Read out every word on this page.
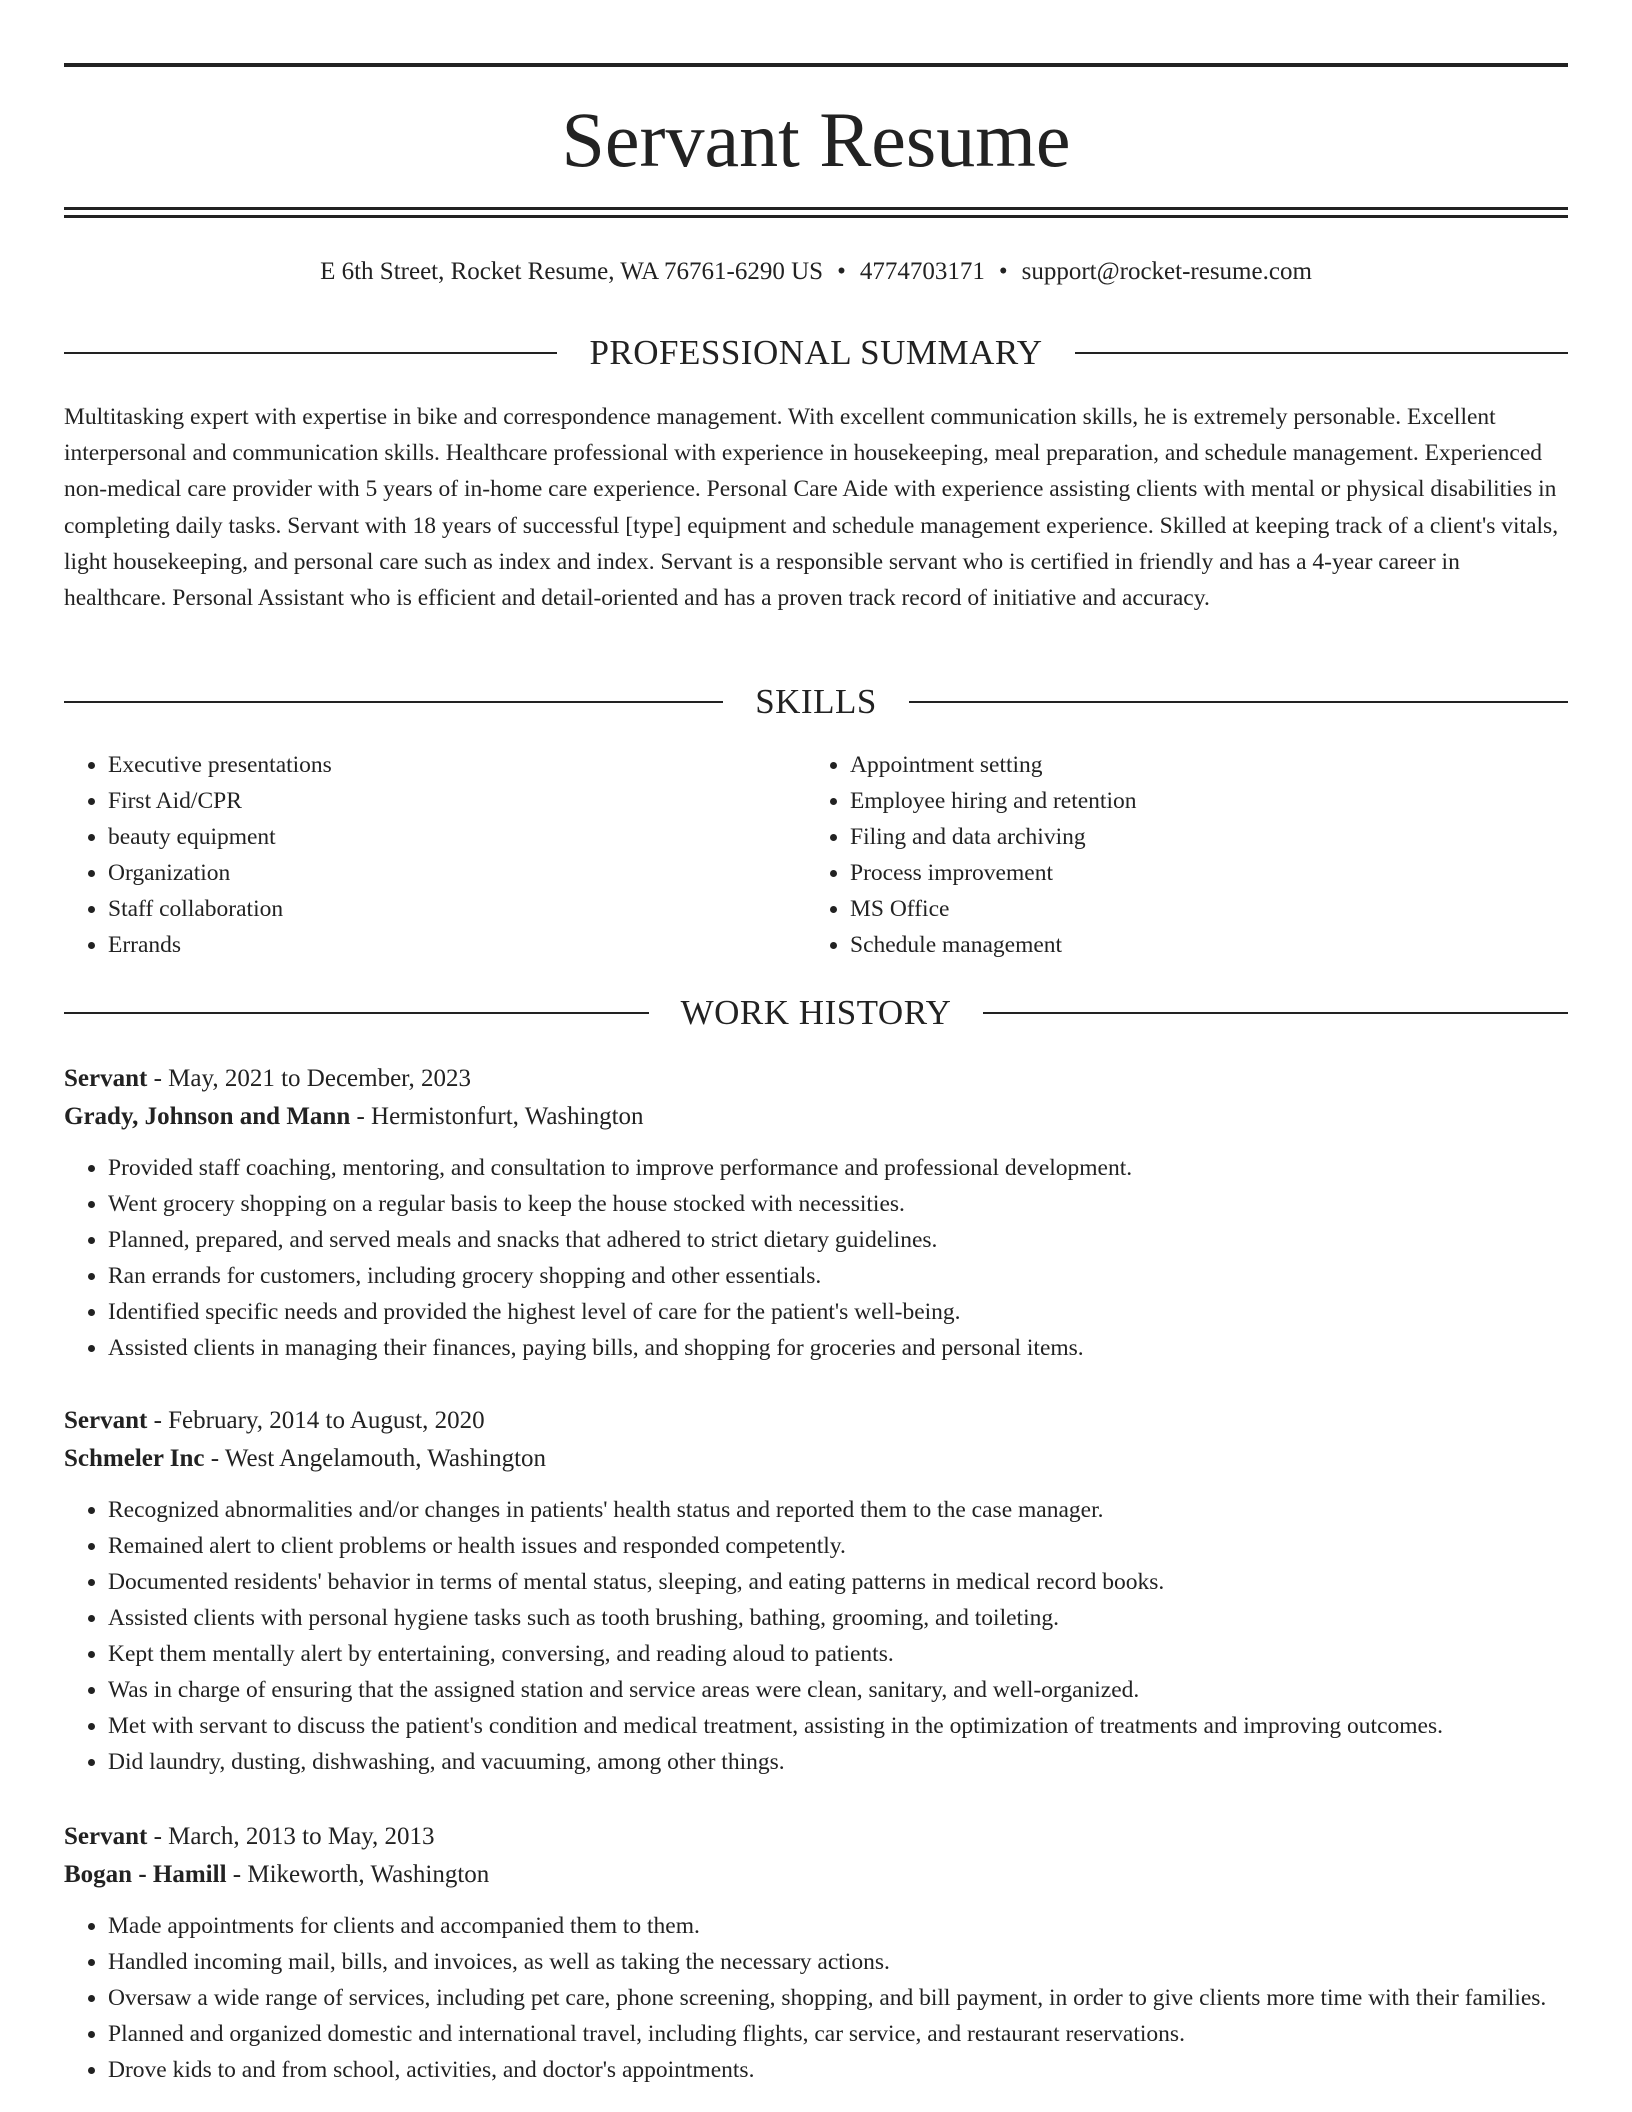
Servant Resume
E 6th Street, Rocket Resume, WA 76761-6290 US • 4774703171 • support@rocket-resume.com
PROFESSIONAL SUMMARY

Multitasking expert with expertise in bike and correspondence management. With excellent communication skills, he is extremely personable. Excellent interpersonal and communication skills. Healthcare professional with experience in housekeeping, meal preparation, and schedule management. Experienced non-medical care provider with 5 years of in-home care experience. Personal Care Aide with experience assisting clients with mental or physical disabilities in completing daily tasks. Servant with 18 years of successful [type] equipment and schedule management experience. Skilled at keeping track of a client's vitals, light housekeeping, and personal care such as index and index. Servant is a responsible servant who is certified in friendly and has a 4-year career in healthcare. Personal Assistant who is efficient and detail-oriented and has a proven track record of initiative and accuracy.

SKILLS
• Executive presentations
• First Aid/CPR
• beauty equipment
• Organization
• Staff collaboration
• Errands
• Appointment setting
• Employee hiring and retention
• Filing and data archiving
• Process improvement
• MS Office
• Schedule management
WORK HISTORY
Servant - May, 2021 to December, 2023
Grady, Johnson and Mann - Hermistonfurt, Washington
• Provided staff coaching, mentoring, and consultation to improve performance and professional development.
• Went grocery shopping on a regular basis to keep the house stocked with necessities.
• Planned, prepared, and served meals and snacks that adhered to strict dietary guidelines.
• Ran errands for customers, including grocery shopping and other essentials.
• Identified specific needs and provided the highest level of care for the patient's well-being.
• Assisted clients in managing their finances, paying bills, and shopping for groceries and personal items.
Servant - February, 2014 to August, 2020
Schmeler Inc - West Angelamouth, Washington
• Recognized abnormalities and/or changes in patients' health status and reported them to the case manager.
• Remained alert to client problems or health issues and responded competently.
• Documented residents' behavior in terms of mental status, sleeping, and eating patterns in medical record books.
• Assisted clients with personal hygiene tasks such as tooth brushing, bathing, grooming, and toileting.
• Kept them mentally alert by entertaining, conversing, and reading aloud to patients.
• Was in charge of ensuring that the assigned station and service areas were clean, sanitary, and well-organized.
• Met with servant to discuss the patient's condition and medical treatment, assisting in the optimization of treatments and improving outcomes.
• Did laundry, dusting, dishwashing, and vacuuming, among other things.
Servant - March, 2013 to May, 2013
Bogan - Hamill - Mikeworth, Washington
• Made appointments for clients and accompanied them to them.
• Handled incoming mail, bills, and invoices, as well as taking the necessary actions.
• Oversaw a wide range of services, including pet care, phone screening, shopping, and bill payment, in order to give clients more time with their families.
• Planned and organized domestic and international travel, including flights, car service, and restaurant reservations.
• Drove kids to and from school, activities, and doctor's appointments.
